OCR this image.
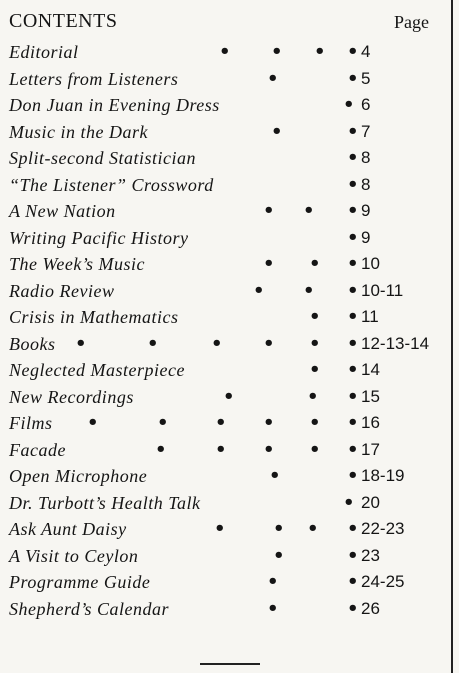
CONTENTS	Page
Editorial	• • • • 4
Letters from Listeners	•	• 5
Don Juan in Evening Dress	• 6
Music in the Dark	•	• 7
Split-second Statistician	• 8
“The Listener” Crossword	• 8
A New Nation	• • • 9
Writing Pacific History	• 9
The Week’s Music	• • • 10
Radio Review	• • • 10-11
Crisis in Mathematics	• • 11
Books •	•	• • • • 12-13-14
Neglected Masterpiece	• • 14
New Recordings	•	• • 15
Films •	•	• • • • 16
Facade	•	• • • • 17
Open Microphone	•	• 18-19
Dr. Turbott’s Health Talk	• 20
Ask Aunt Daisy	•	• • • 22-23
A Visit to Ceylon	•	• 23
Programme Guide	•	• 24-25
Shepherd’s Calendar	•	• 26
